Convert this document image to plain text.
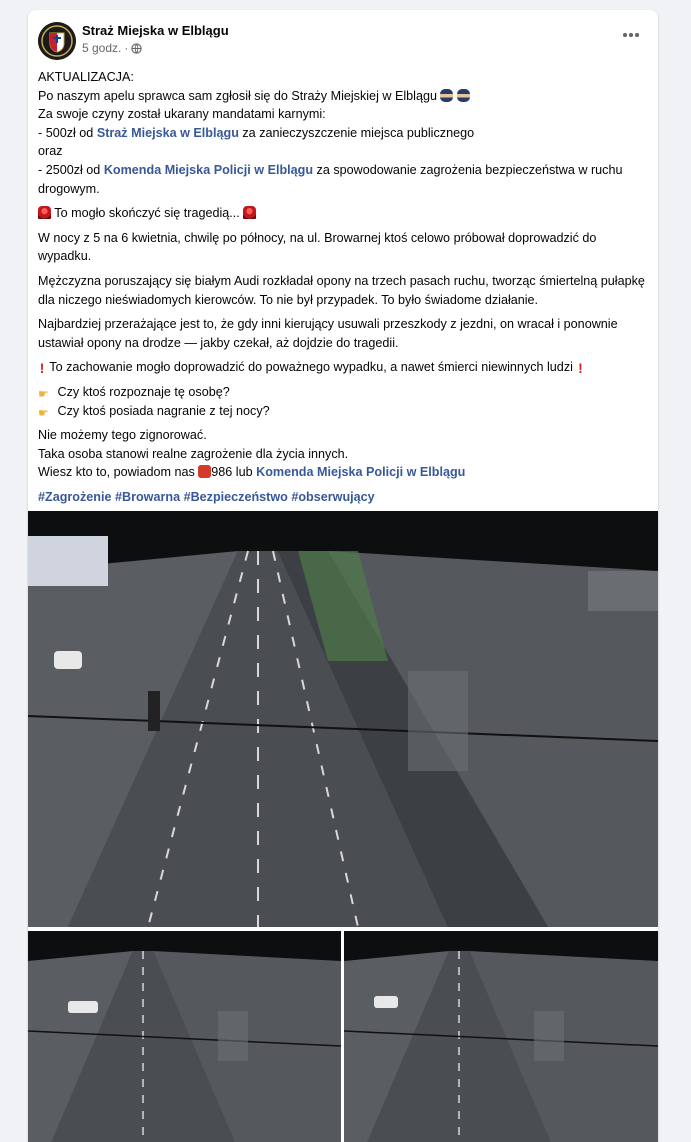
Straż Miejska w Elblągu
5 godz. ·

AKTUALIZACJA:
Po naszym apelu sprawca sam zgłosił się do Straży Miejskiej w Elblągu
Za swoje czyny został ukarany mandatami karnymi:
- 500zł od Straż Miejska w Elblągu za zanieczyszczenie miejsca publicznego
oraz
- 2500zł od Komenda Miejska Policji w Elblągu za spowodowanie zagrożenia bezpieczeństwa w ruchu drogowym.

To mogło skończyć się tragedią...

W nocy z 5 na 6 kwietnia, chwilę po północy, na ul. Browarnej ktoś celowo próbował doprowadzić do wypadku.

Mężczyzna poruszający się białym Audi rozkładał opony na trzech pasach ruchu, tworząc śmiertelną pułapkę dla niczego nieświadomych kierowców. To nie był przypadek. To było świadome działanie.

Najbardziej przerażające jest to, że gdy inni kierujący usuwali przeszkody z jezdni, on wracał i ponownie ustawiał opony na drodze — jakby czekał, aż dojdzie do tragedii.

! To zachowanie mogło doprowadzić do poważnego wypadku, a nawet śmierci niewinnych ludzi !

☛ Czy ktoś rozpoznaje tę osobę?
☛ Czy ktoś posiada nagranie z tej nocy?

Nie możemy tego zignorować.
Taka osoba stanowi realne zagrożenie dla życia innych.
Wiesz kto to, powiadom nas 986 lub Komenda Miejska Policji w Elblągu

#Zagrożenie #Browarna #Bezpieczeństwo #obserwujący
